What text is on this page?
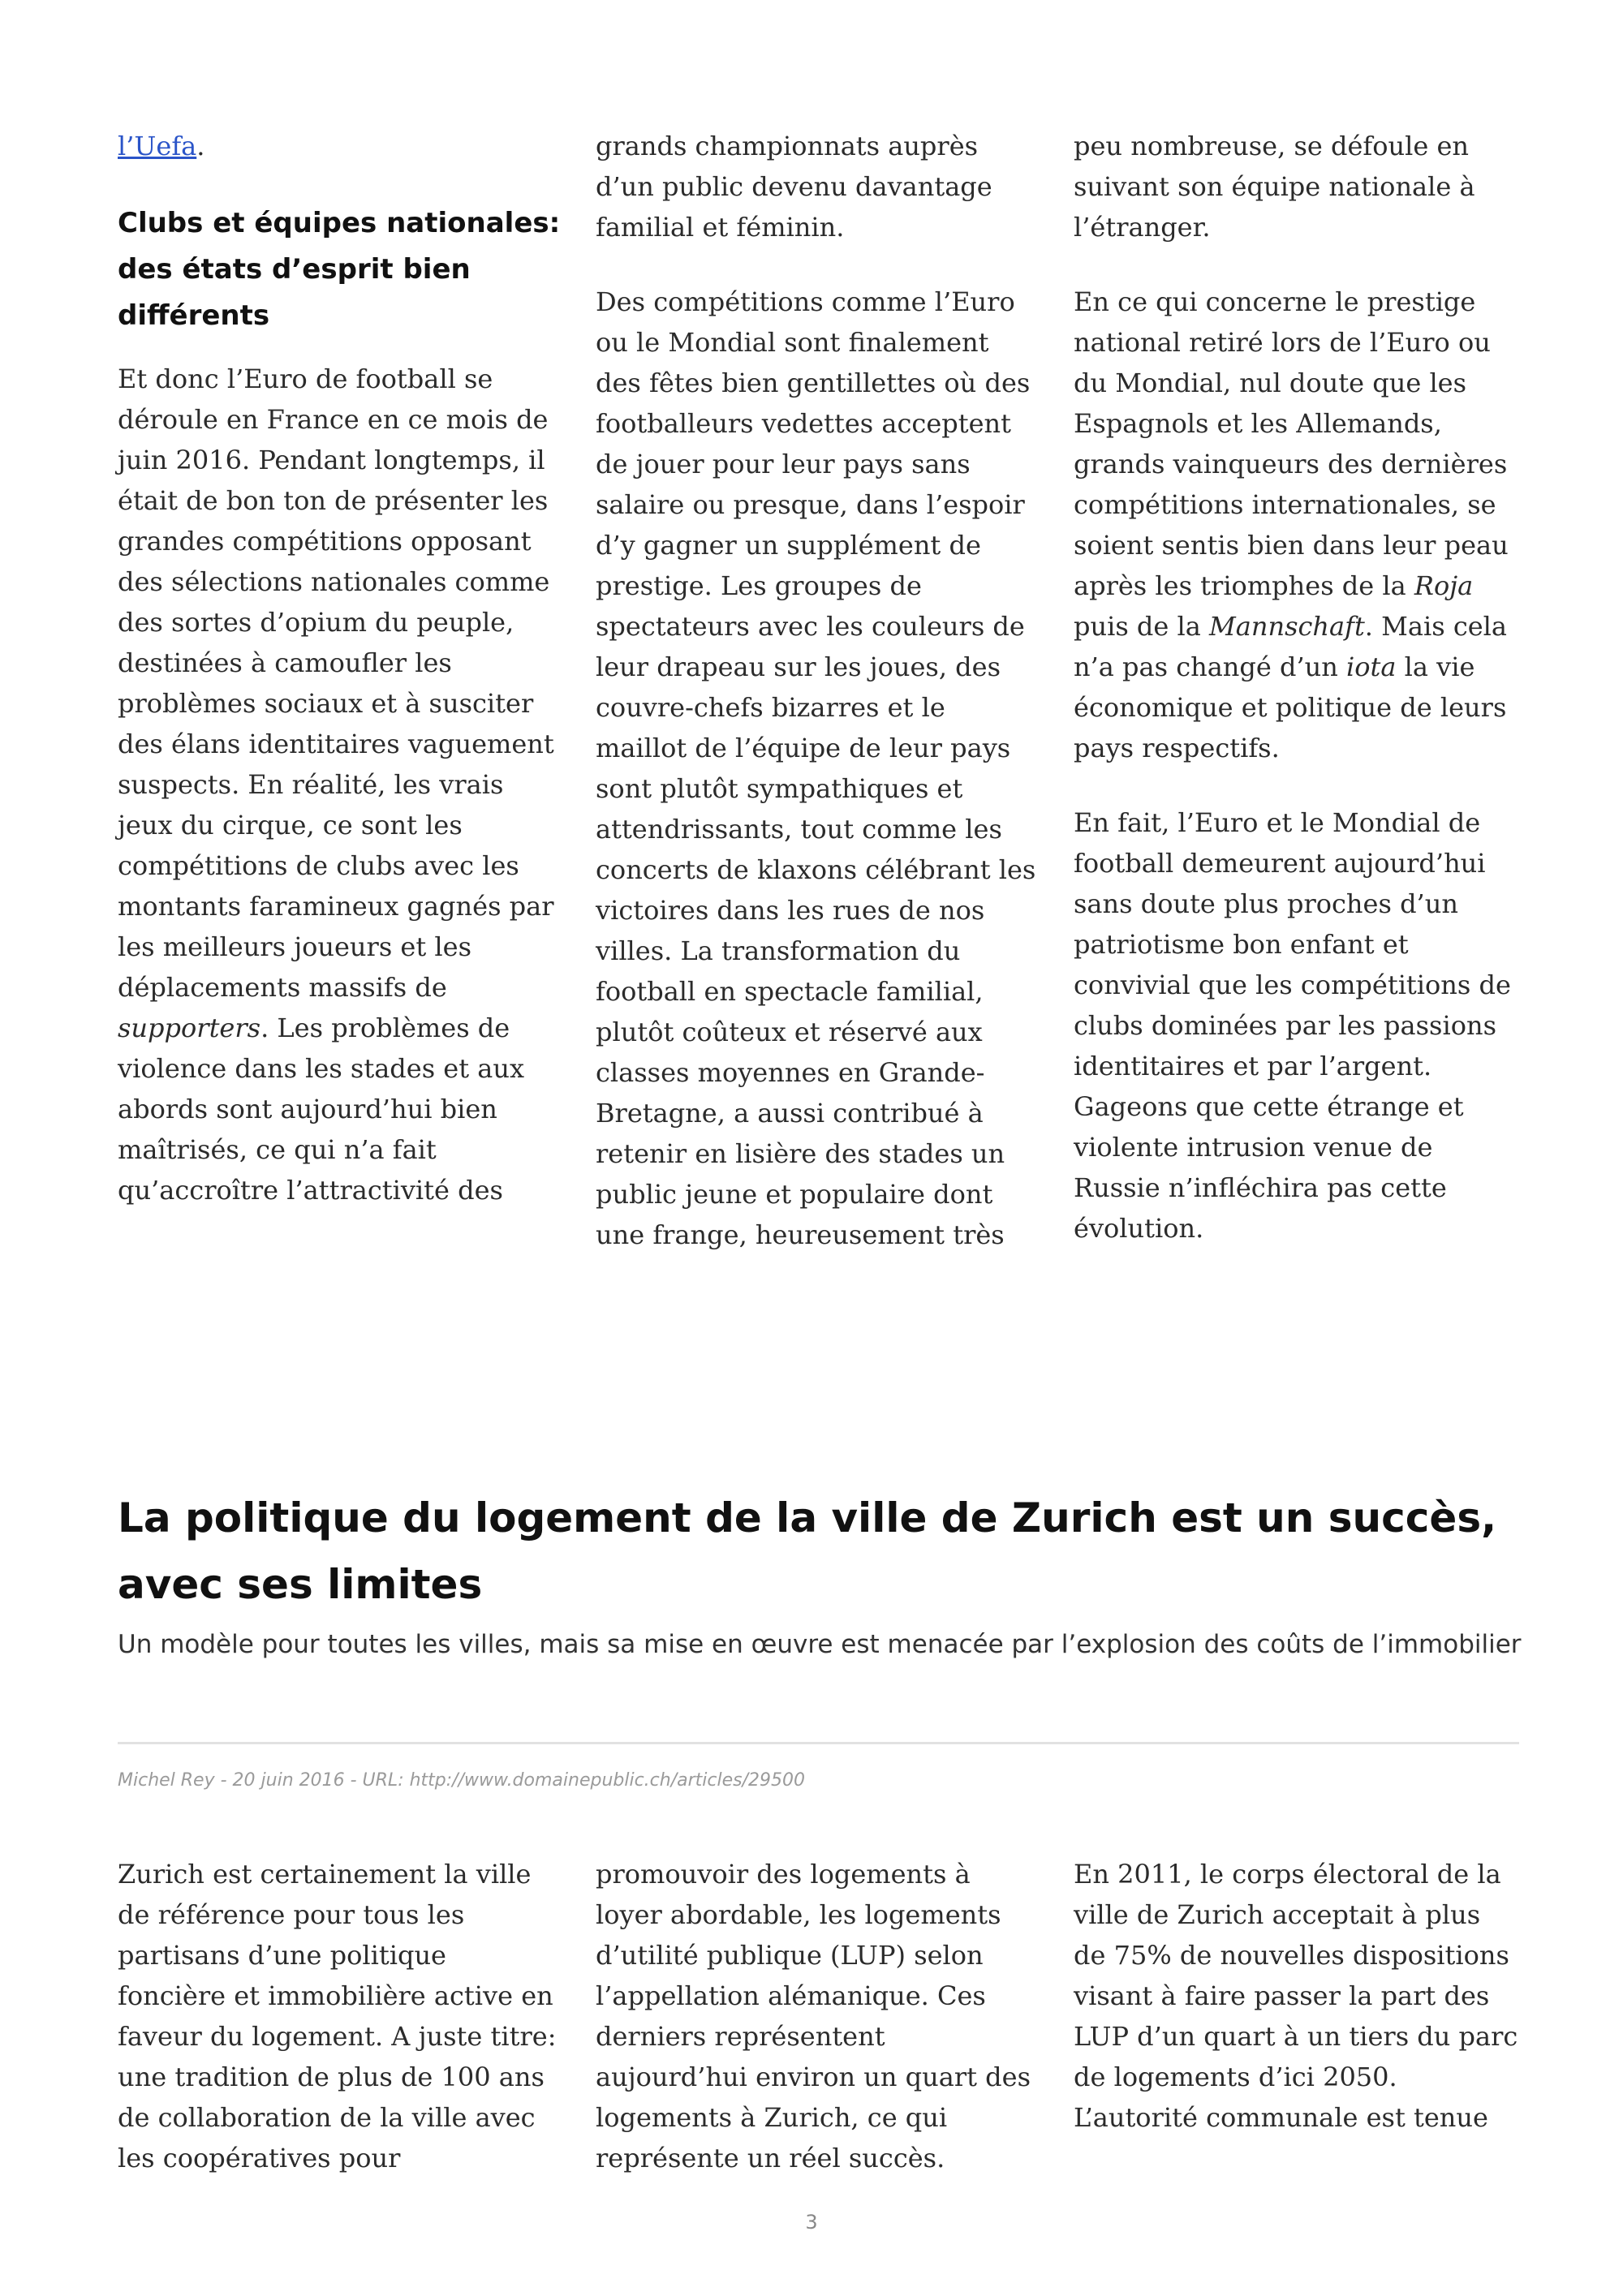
l’Uefa.

Clubs et équipes nationales: des états d’esprit bien différents

Et donc l’Euro de football se déroule en France en ce mois de juin 2016. Pendant longtemps, il était de bon ton de présenter les grandes compétitions opposant des sélections nationales comme des sortes d’opium du peuple, destinées à camoufler les problèmes sociaux et à susciter des élans identitaires vaguement suspects. En réalité, les vrais jeux du cirque, ce sont les compétitions de clubs avec les montants faramineux gagnés par les meilleurs joueurs et les déplacements massifs de supporters. Les problèmes de violence dans les stades et aux abords sont aujourd’hui bien maîtrisés, ce qui n’a fait qu’accroître l’attractivité des

grands championnats auprès d’un public devenu davantage familial et féminin.

Des compétitions comme l’Euro ou le Mondial sont finalement des fêtes bien gentillettes où des footballeurs vedettes acceptent de jouer pour leur pays sans salaire ou presque, dans l’espoir d’y gagner un supplément de prestige. Les groupes de spectateurs avec les couleurs de leur drapeau sur les joues, des couvre-chefs bizarres et le maillot de l’équipe de leur pays sont plutôt sympathiques et attendrissants, tout comme les concerts de klaxons célébrant les victoires dans les rues de nos villes. La transformation du football en spectacle familial, plutôt coûteux et réservé aux classes moyennes en Grande-Bretagne, a aussi contribué à retenir en lisière des stades un public jeune et populaire dont une frange, heureusement très

peu nombreuse, se défoule en suivant son équipe nationale à l’étranger.

En ce qui concerne le prestige national retiré lors de l’Euro ou du Mondial, nul doute que les Espagnols et les Allemands, grands vainqueurs des dernières compétitions internationales, se soient sentis bien dans leur peau après les triomphes de la Roja puis de la Mannschaft. Mais cela n’a pas changé d’un iota la vie économique et politique de leurs pays respectifs.

En fait, l’Euro et le Mondial de football demeurent aujourd’hui sans doute plus proches d’un patriotisme bon enfant et convivial que les compétitions de clubs dominées par les passions identitaires et par l’argent. Gageons que cette étrange et violente intrusion venue de Russie n’infléchira pas cette évolution.

La politique du logement de la ville de Zurich est un succès, avec ses limites

Un modèle pour toutes les villes, mais sa mise en œuvre est menacée par l’explosion des coûts de l’immobilier

Michel Rey - 20 juin 2016 - URL: http://www.domainepublic.ch/articles/29500

Zurich est certainement la ville de référence pour tous les partisans d’une politique foncière et immobilière active en faveur du logement. A juste titre: une tradition de plus de 100 ans de collaboration de la ville avec les coopératives pour

promouvoir des logements à loyer abordable, les logements d’utilité publique (LUP) selon l’appellation alémanique. Ces derniers représentent aujourd’hui environ un quart des logements à Zurich, ce qui représente un réel succès.

En 2011, le corps électoral de la ville de Zurich acceptait à plus de 75% de nouvelles dispositions visant à faire passer la part des LUP d’un quart à un tiers du parc de logements d’ici 2050. L’autorité communale est tenue

3
